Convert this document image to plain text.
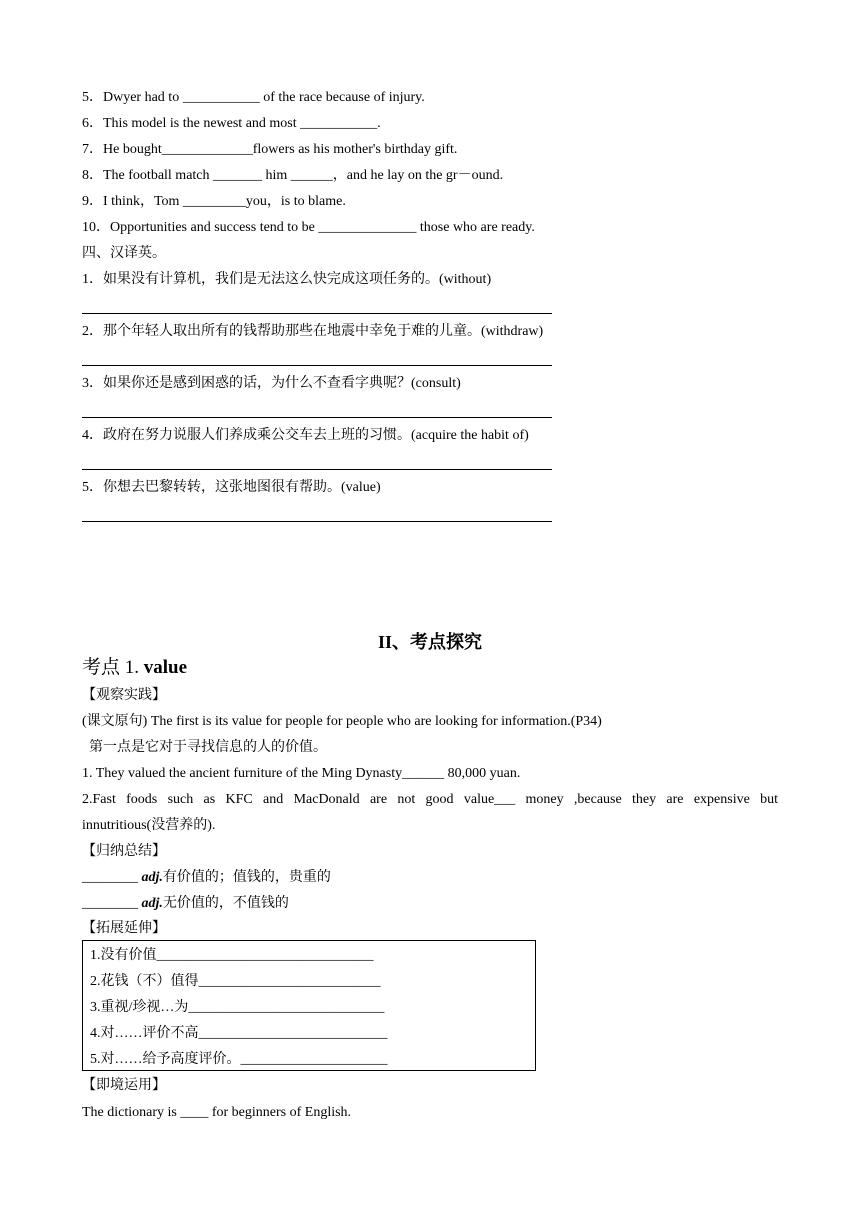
5．Dwyer had to ___________ of the race because of injury.
6．This model is the newest and most ___________.
7．He bought_____________flowers as his mother's birthday gift.
8．The football match _______ him ______，and he lay on the gr－ound.
9．I think，Tom _________you，is to blame.
10．Opportunities and success tend to be ______________ those who are ready.
四、汉译英。
1．如果没有计算机，我们是无法这么快完成这项任务的。(without)
2．那个年轻人取出所有的钱帮助那些在地震中幸免于难的儿童。(withdraw)
3．如果你还是感到困惑的话，为什么不查看字典呢？(consult)
4．政府在努力说服人们养成乘公交车去上班的习惯。(acquire the habit of)
5．你想去巴黎转转，这张地图很有帮助。(value)
II、考点探究
考点 1. value
【观察实践】
(课文原句) The first is its value for people for people who are looking for information.(P34)
第一点是它对于寻找信息的人的价值。
1. They valued the ancient furniture of the Ming Dynasty______ 80,000 yuan.
2.Fast foods such as KFC and MacDonald are not good value___ money ,because they are expensive but
innutritious(没营养的).
【归纳总结】
________ adj.有价值的；值钱的，贵重的
________ adj.无价值的，不值钱的
【拓展延伸】
1.没有价值_______________________________
2.花钱（不）值得__________________________
3.重视/珍视…为____________________________
4.对……评价不高___________________________
5.对……给予高度评价。_____________________
【即境运用】
The dictionary is ____ for beginners of English.
